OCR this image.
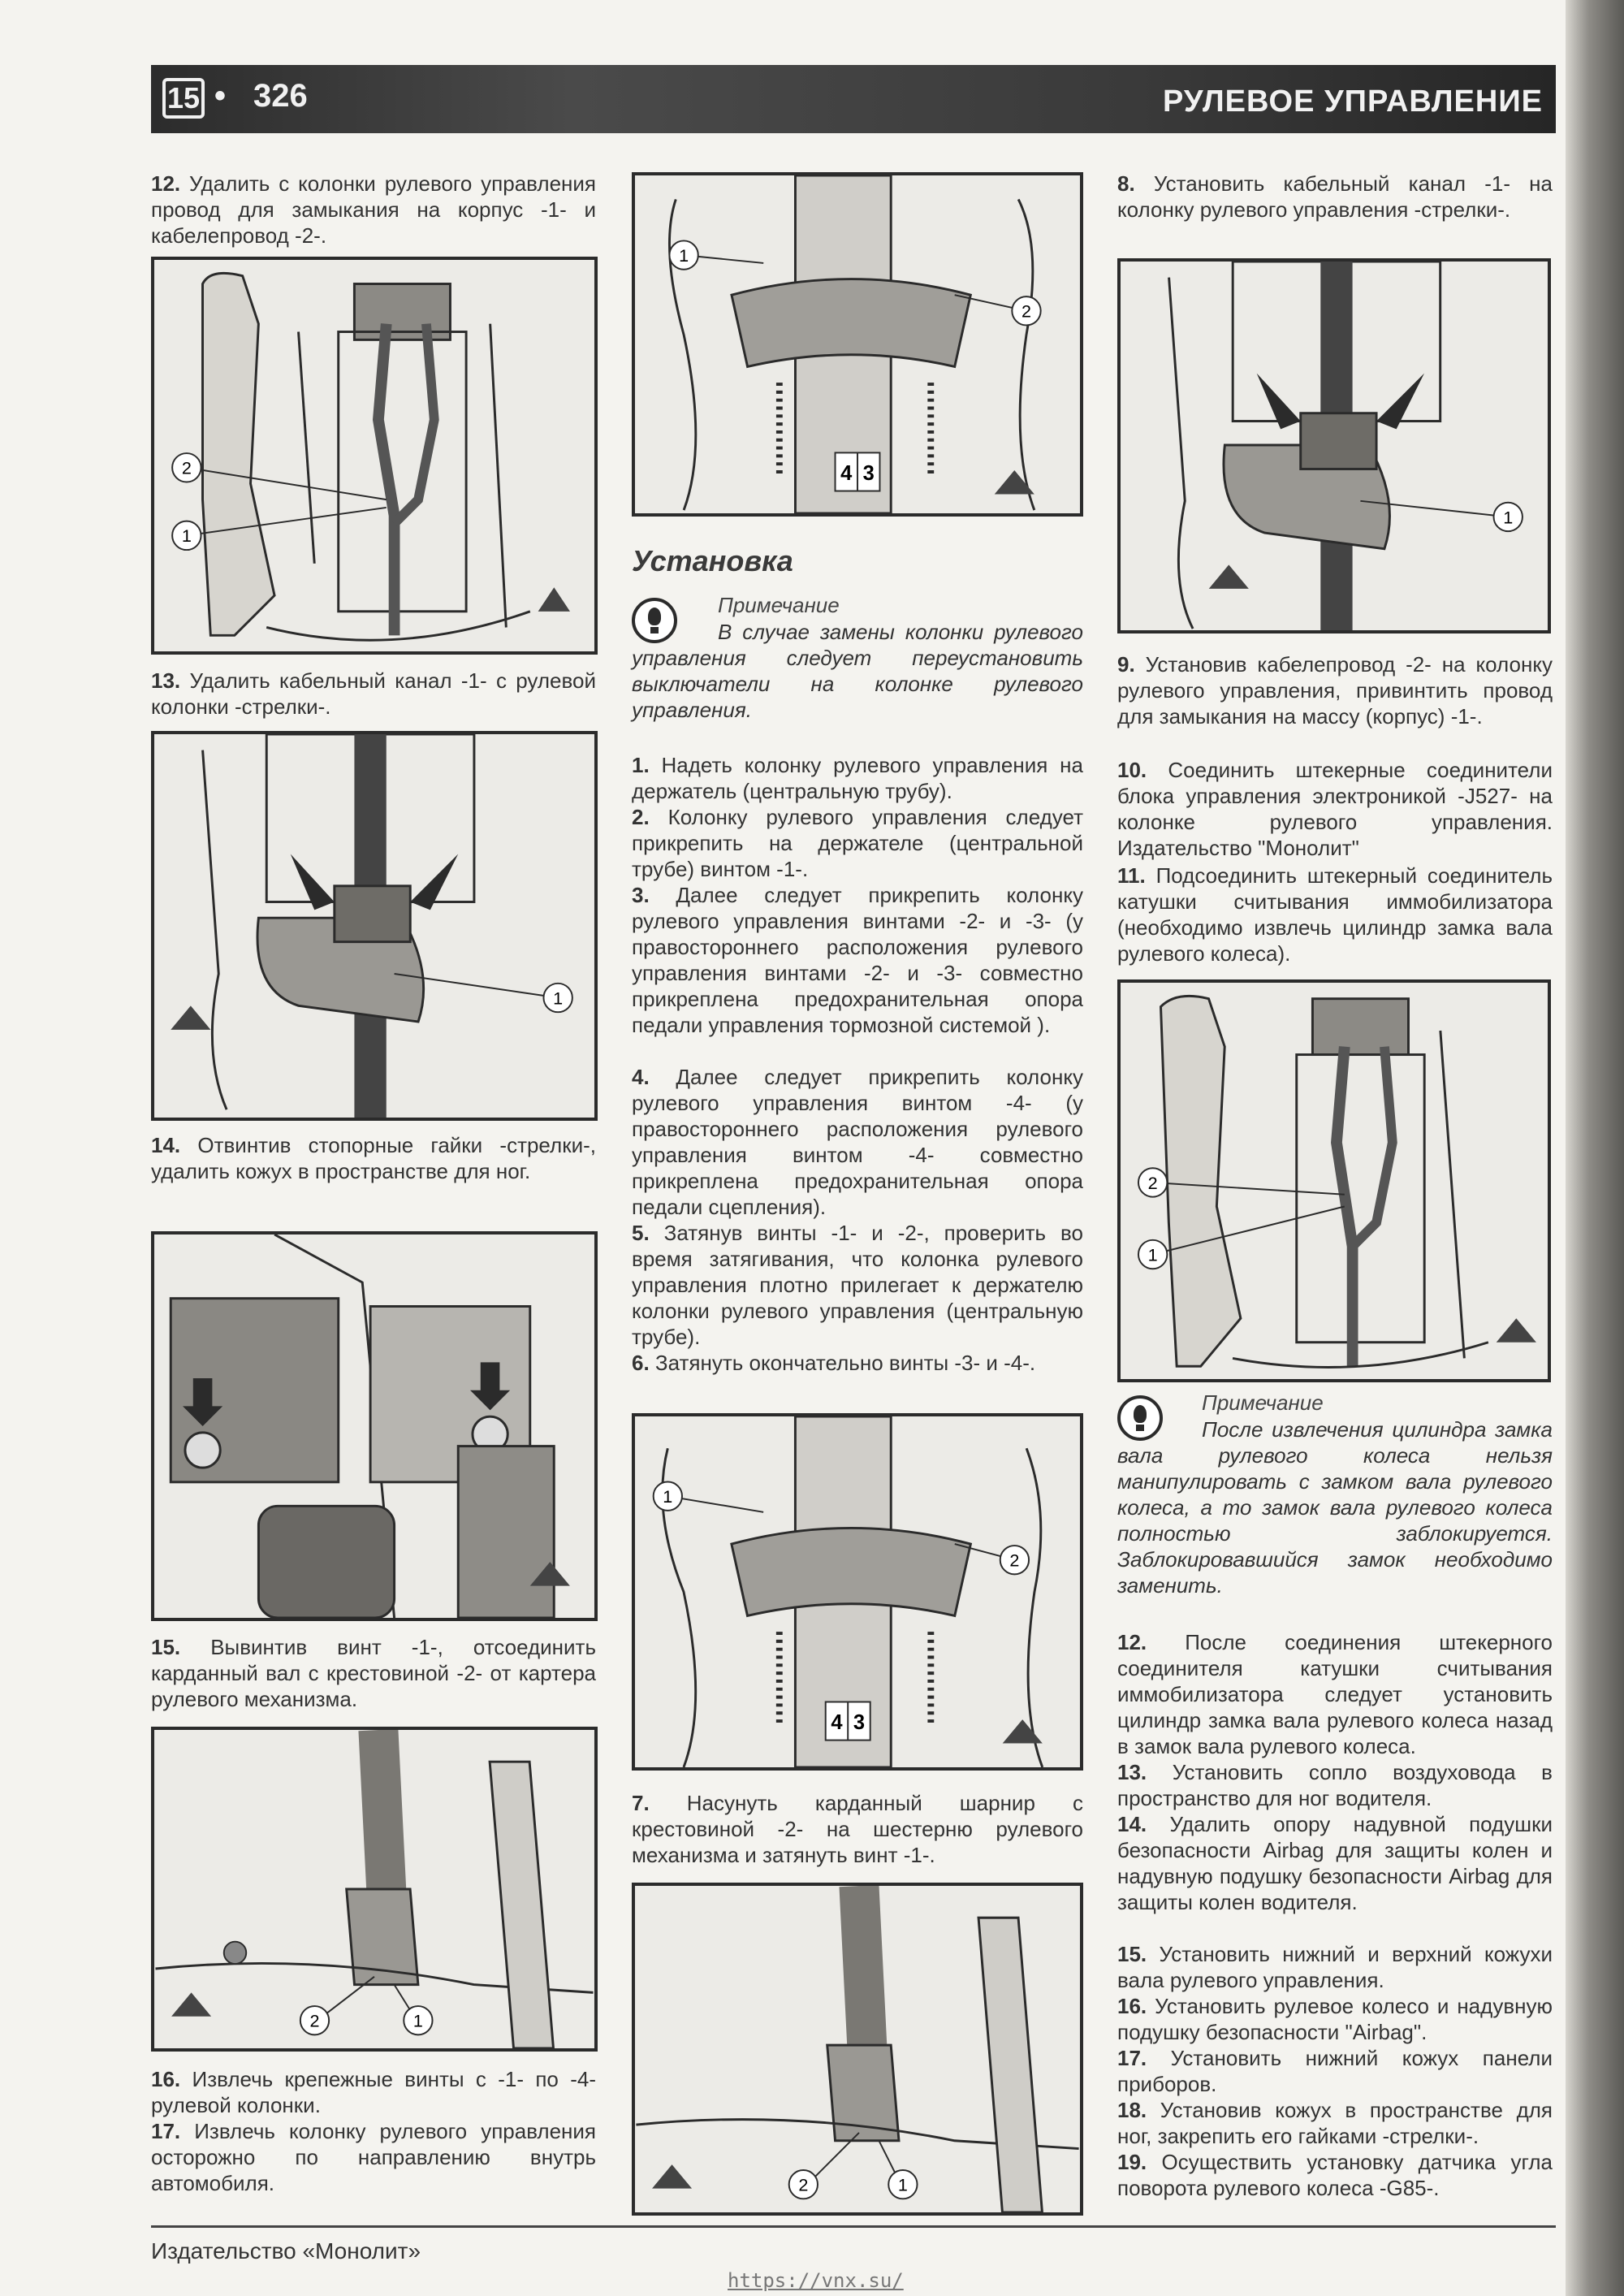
15 • 326	РУЛЕВОЕ УПРАВЛЕНИЕ
12. Удалить с колонки рулевого управления провод для замыкания на корпус -1- и кабелепровод -2-.
2
1
13. Удалить кабельный канал -1- с рулевой колонки -стрелки-.
1
14. Отвинтив стопорные гайки -стрелки-, удалить кожух в пространстве для ног.
15. Вывинтив винт -1-, отсоединить карданный вал с крестовиной -2- от картера рулевого механизма.
2	1
16. Извлечь крепежные винты с -1- по -4- рулевой колонки.
17. Извлечь колонку рулевого управления осторожно по направлению внутрь автомобиля.
1
2
4 3
Установка
Примечание
В случае замены колонки рулевого управления следует переустановить выключатели на колонке рулевого управления.
1. Надеть колонку рулевого управления на держатель (центральную трубу).
2. Колонку рулевого управления следует прикрепить на держателе (центральной трубе) винтом -1-.
3. Далее следует прикрепить колонку рулевого управления винтами -2- и -3- (у правостороннего расположения рулевого управления винтами -2- и -3- совместно прикреплена предохранительная опора педали управления тормозной системой ).
4. Далее следует прикрепить колонку рулевого управления винтом -4- (у правостороннего расположения рулевого управления винтом -4- совместно прикреплена предохранительная опора педали сцепления).
5. Затянув винты -1- и -2-, проверить во время затягивания, что колонка рулевого управления плотно прилегает к держателю колонки рулевого управления (центральную трубе).
6. Затянуть окончательно винты -3- и -4-.
1
2
4 3
7. Насунуть карданный шарнир с крестовиной -2- на шестерню рулевого механизма и затянуть винт -1-.
2	1
8. Установить кабельный канал -1- на колонку рулевого управления -стрелки-.
1
9. Установив кабелепровод -2- на колонку рулевого управления, привинтить провод для замыкания на массу (корпус) -1-.
10. Соединить штекерные соединители блока управления электроникой -J527- на колонке рулевого управления. Издательство "Монолит"
11. Подсоединить штекерный соединитель катушки считывания иммобилизатора (необходимо извлечь цилиндр замка вала рулевого колеса).
2
1
Примечание
После извлечения цилиндра замка вала рулевого колеса нельзя манипулировать с замком вала рулевого колеса, а то замок вала рулевого колеса полностью заблокируется. Заблокировавшийся замок необходимо заменить.
12. После соединения штекерного соединителя катушки считывания иммобилизатора следует установить цилиндр замка вала рулевого колеса назад в замок вала рулевого колеса.
13. Установить сопло воздуховода в пространство для ног водителя.
14. Удалить опору надувной подушки безопасности Airbag для защиты колен и надувную подушку безопасности Airbag для защиты колен водителя.
15. Установить нижний и верхний кожухи вала рулевого управления.
16. Установить рулевое колесо и надувную подушку безопасности "Airbag".
17. Установить нижний кожух панели приборов.
18. Установив кожух в пространстве для ног, закрепить его гайками -стрелки-.
19. Осуществить установку датчика угла поворота рулевого колеса -G85-.
Издательство «Монолит»
https://vnx.su/
